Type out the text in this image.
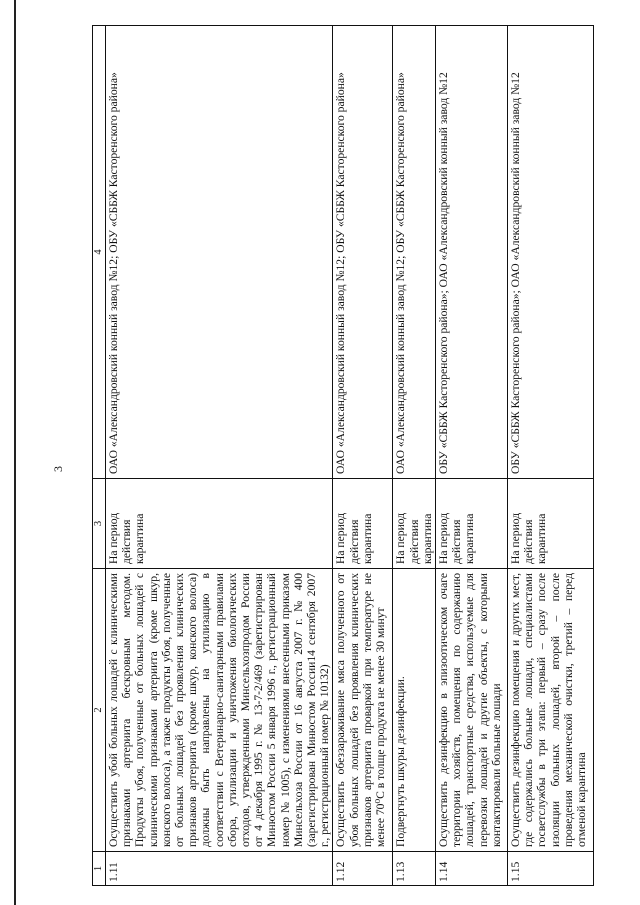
3
1	2	3	4
1.11	Осуществить убой больных лошадей с клиническими признаками артериита бескровным методом. Продукты убоя, полученные от больных лошадей с клиническими признаками артериита (кроме шкур, конского волоса), а также продукты убоя, полученные от больных лошадей без проявления клинических признаков артериита (кроме шкур, конского волоса) должны быть направлены на утилизацию в соответствии с Ветеринарно-санитарными правилами сбора, утилизации и уничтожения биологических отходов, утвержденными Минсельхозпродом России от 4 декабря 1995 г. № 13-7-2/469 (зарегистрирован Минюстом России 5 января 1996 г., регистрационный номер № 1005), с изменениями внесенными приказом Минсельхоза России от 16 августа 2007 г. № 400 (зарегистрирован Минюстом России14 сентября 2007 г., регистрационный номер № 10132)	На период действия карантина	ОАО «Александровский конный завод №12; ОБУ «СББЖ Касторенского района»
1.12	Осуществить обеззараживание мяса полученного от убоя больных лошадей без проявления клинических признаков артериита проваркой при температуре не менее 70⁰С в толще продукта не менее 30 минут	На период действия карантина	ОАО «Александровский конный завод №12; ОБУ «СББЖ Касторенского района»
1.13	Подвергнуть шкуры дезинфекции.	На период действия карантина	ОАО «Александровский конный завод №12; ОБУ «СББЖ Касторенского района»
1.14	Осуществить дезинфекцию в эпизоотическом очаге территории хозяйств, помещения по содержанию лошадей, транспортные средства, используемые для перевозки лошадей и другие объекты, с которыми контактировали больные лошади	На период действия карантина	ОБУ «СББЖ Касторенского района»; ОАО «Александровский конный завод №12
1.15	Осуществить дезинфекцию помещения и других мест, где содержались больные лошади, специалистами госветслужбы в три этапа: первый – сразу после изоляции больных лошадей, второй – после проведения механической очистки, третий – перед отменой карантина	На период действия карантина	ОБУ «СББЖ Касторенского района»; ОАО «Александровский конный завод №12
